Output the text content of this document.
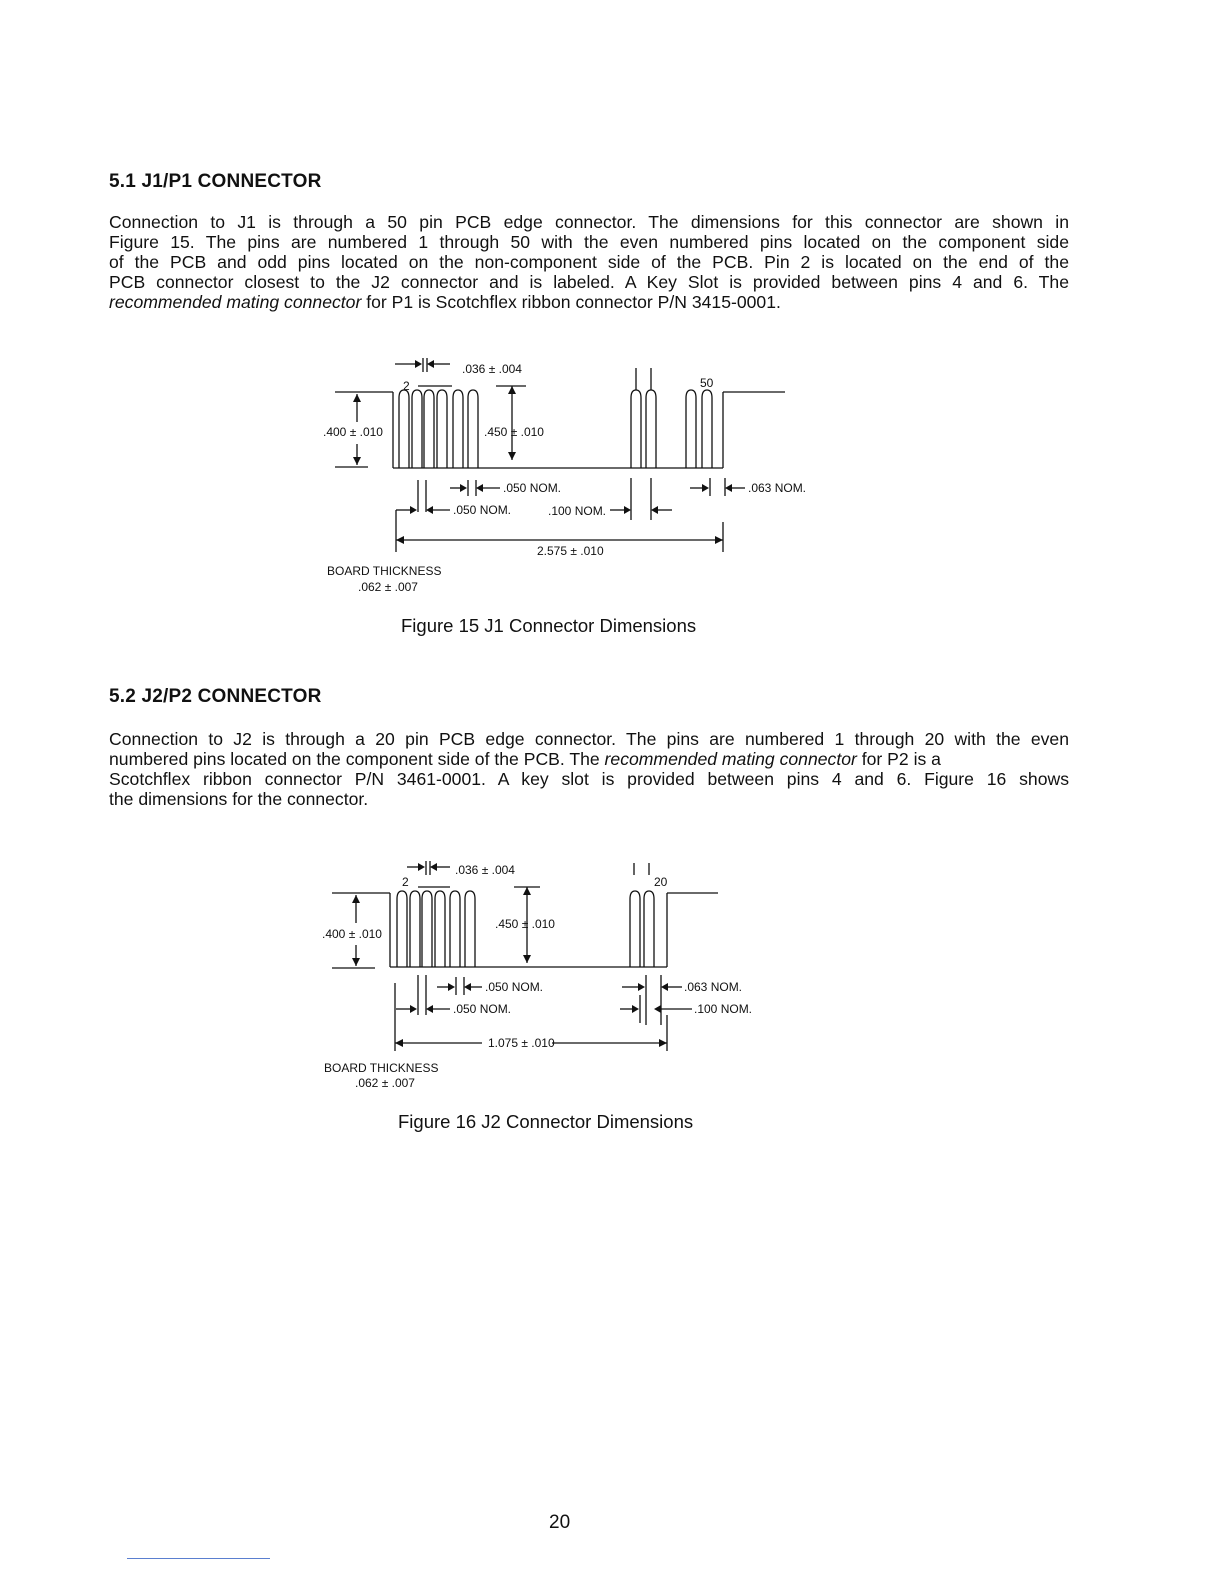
5.1 J1/P1 CONNECTOR
Connection to J1 is through a 50 pin PCB edge connector. The dimensions for this connector are shown in
Figure 15. The pins are numbered 1 through 50 with the even numbered pins located on the component side
of the PCB and odd pins located on the non-component side of the PCB. Pin 2 is located on the end of the
PCB connector closest to the J2 connector and is labeled. A Key Slot is provided between pins 4 and 6. The
recommended mating connector for P1 is Scotchflex ribbon connector P/N 3415-0001.
.036 ± .004
2	50
.400 ± .010	.450 ± .010
.050 NOM.	.063 NOM.
.050 NOM.	.100 NOM.
2.575 ± .010
BOARD THICKNESS
.062 ± .007
Figure 15 J1 Connector Dimensions
5.2 J2/P2 CONNECTOR
Connection to J2 is through a 20 pin PCB edge connector. The pins are numbered 1 through 20 with the even
numbered pins located on the component side of the PCB. The recommended mating connector for P2 is a
Scotchflex ribbon connector P/N 3461-0001. A key slot is provided between pins 4 and 6. Figure 16 shows
the dimensions for the connector.
.036 ± .004
2	20
.400 ± .010
.450 ± .010
.050 NOM.	.063 NOM.
.050 NOM.	.100 NOM.
1.075 ± .010
BOARD THICKNESS
.062 ± .007
Figure 16 J2 Connector Dimensions
20
